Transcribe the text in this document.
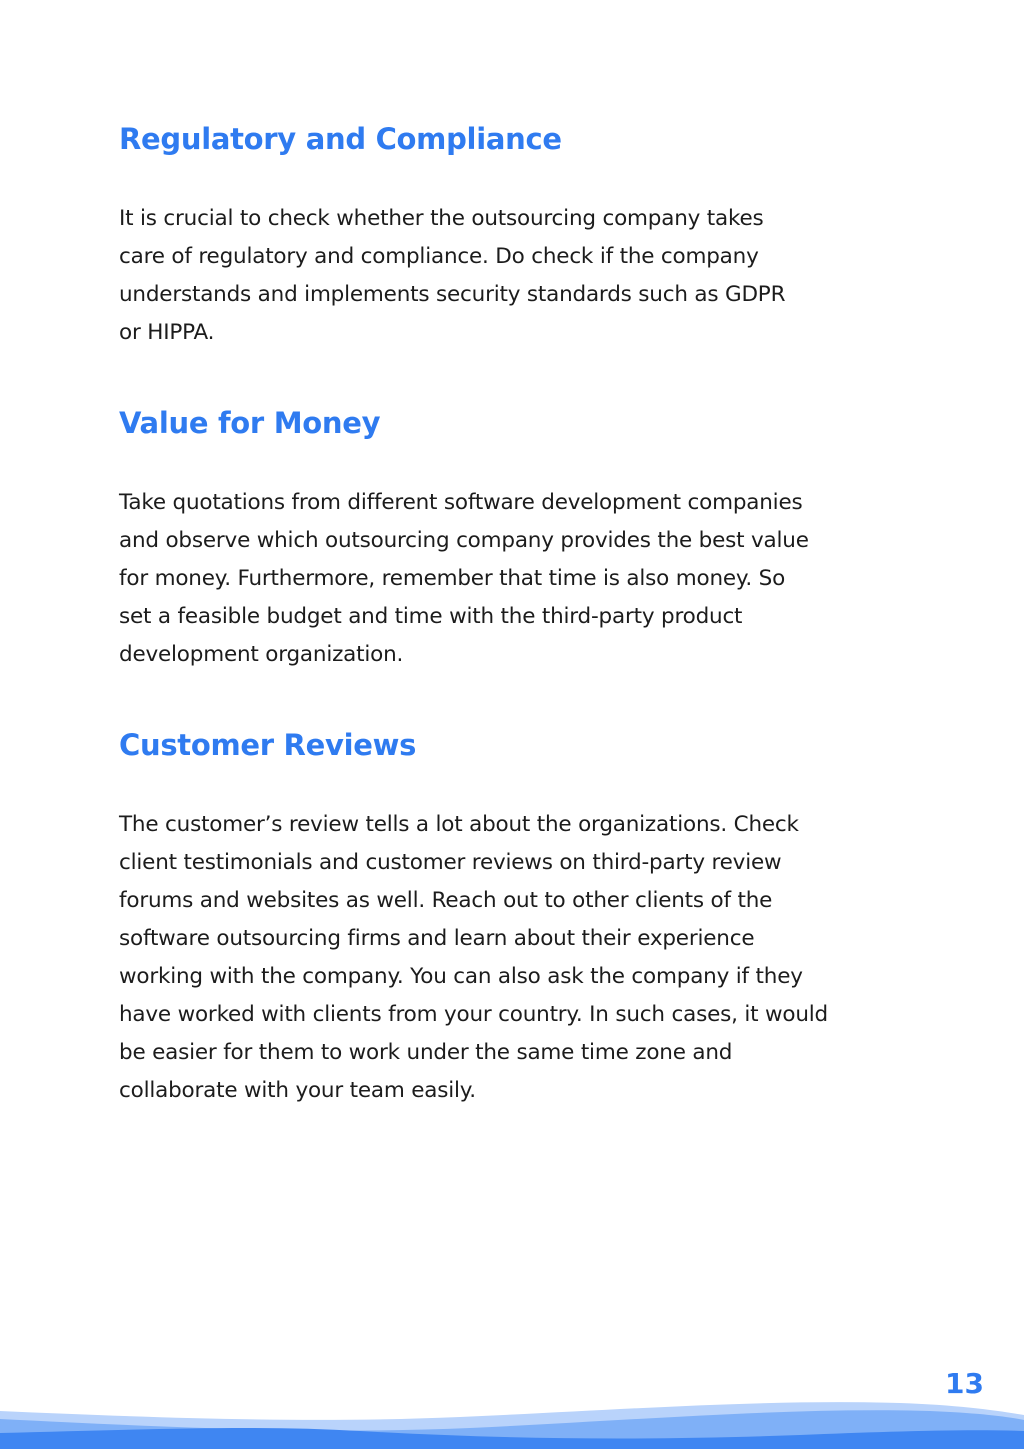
Regulatory and Compliance

It is crucial to check whether the outsourcing company takes
care of regulatory and compliance. Do check if the company
understands and implements security standards such as GDPR
or HIPPA.

Value for Money

Take quotations from different software development companies
and observe which outsourcing company provides the best value
for money. Furthermore, remember that time is also money. So
set a feasible budget and time with the third-party product
development organization.

Customer Reviews

The customer’s review tells a lot about the organizations. Check
client testimonials and customer reviews on third-party review
forums and websites as well. Reach out to other clients of the
software outsourcing firms and learn about their experience
working with the company. You can also ask the company if they
have worked with clients from your country. In such cases, it would
be easier for them to work under the same time zone and
collaborate with your team easily.

13
